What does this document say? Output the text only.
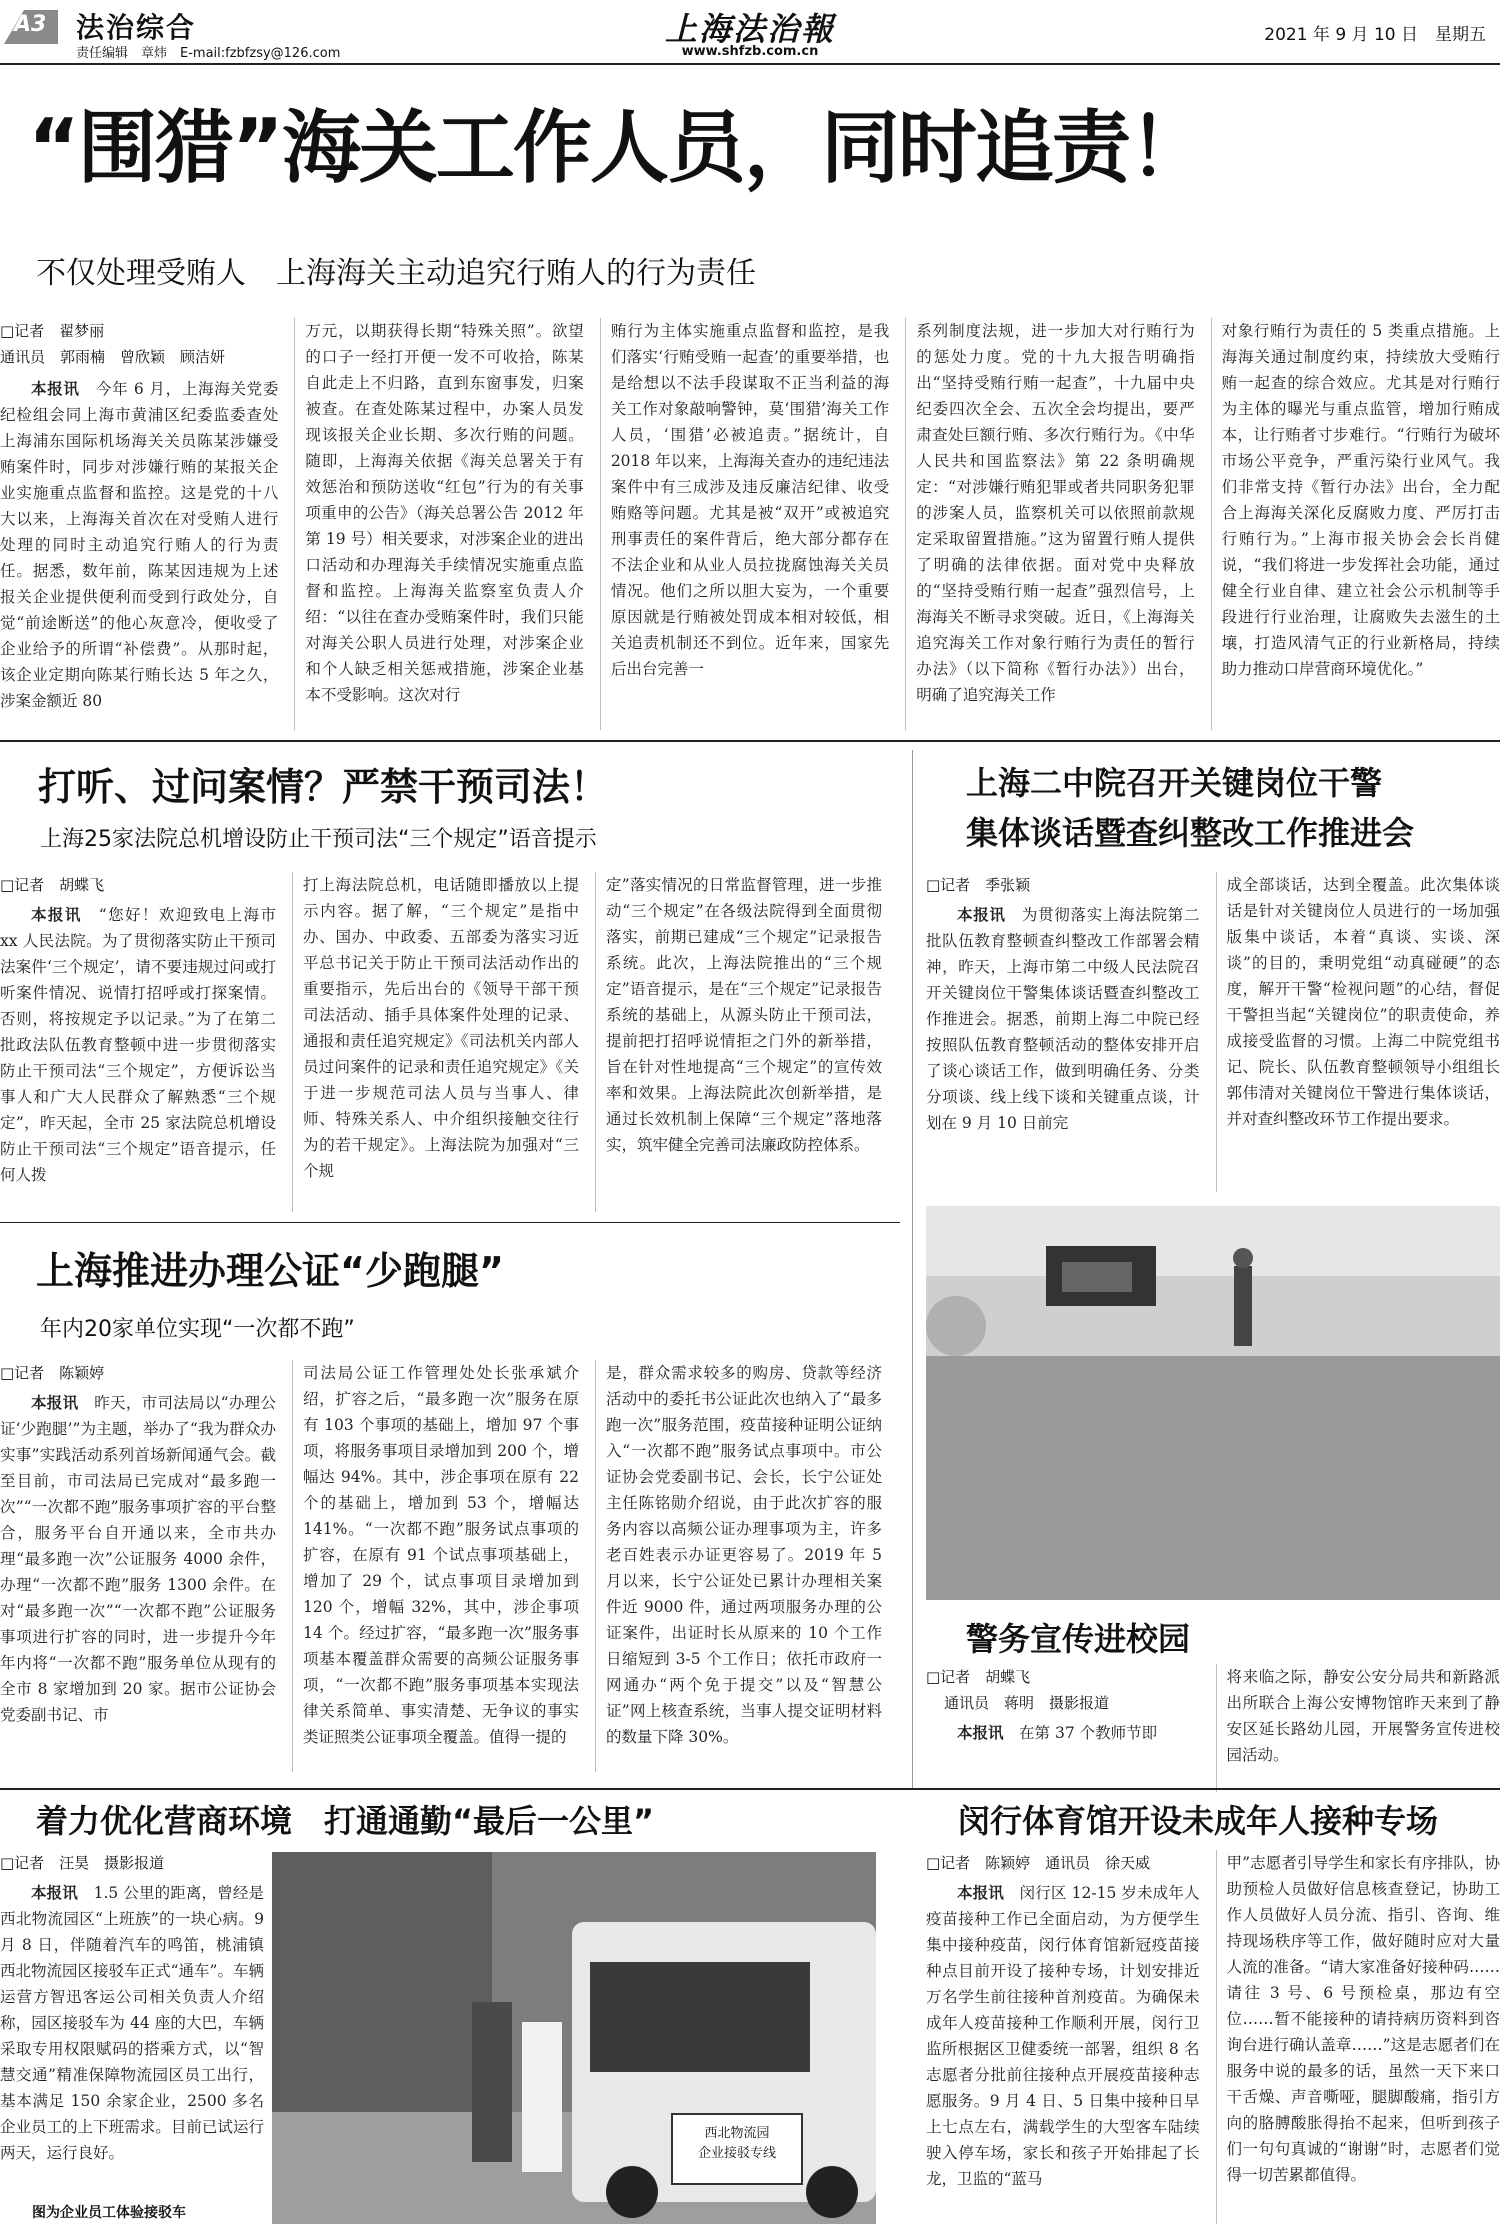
A3 法治综合
责任编辑　章炜　E-mail:fzbfzsy@126.com
上海法治報
www.shfzb.com.cn
2021 年 9 月 10 日　星期五
“围猎”海关工作人员，同时追责！
不仅处理受贿人　上海海关主动追究行贿人的行为责任
□记者　翟梦丽
通讯员　郭雨楠　曾欣颖　顾洁妍

本报讯　 今年 6 月，上海海关党委纪检组会同上海市黄浦区纪委监委查处上海浦东国际机场海关关员陈某涉嫌受贿案件时，同步对涉嫌行贿的某报关企业实施重点监督和监控。这是党的十八大以来，上海海关首次在对受贿人进行处理的同时主动追究行贿人的行为责任。据悉，数年前，陈某因违规为上述报关企业提供便利而受到行政处分，自觉“前途断送”的他心灰意冷，便收受了企业给予的所谓“补偿费”。从那时起，该企业定期向陈某行贿长达 5 年之久，涉案金额近 80

万元，以期获得长期“特殊关照”。欲望的口子一经打开便一发不可收拾，陈某自此走上不归路，直到东窗事发，归案被查。在查处陈某过程中，办案人员发现该报关企业长期、多次行贿的问题。随即，上海海关依据《海关总署关于有效惩治和预防送收“红包”行为的有关事项重申的公告》（海关总署公告 2012 年第 19 号）相关要求，对涉案企业的进出口活动和办理海关手续情况实施重点监督和监控。上海海关监察室负责人介绍：“以往在查办受贿案件时，我们只能对海关公职人员进行处理，对涉案企业和个人缺乏相关惩戒措施，涉案企业基本不受影响。这次对行

贿行为主体实施重点监督和监控，是我们落实‘行贿受贿一起查’的重要举措，也是给想以不法手段谋取不正当利益的海关工作对象敲响警钟，莫‘围猎’海关工作人员，‘围猎’必被追责。”据统计，自 2018 年以来，上海海关查办的违纪违法案件中有三成涉及违反廉洁纪律、收受贿赂等问题。尤其是被“双开”或被追究刑事责任的案件背后，绝大部分都存在不法企业和从业人员拉拢腐蚀海关关员情况。他们之所以胆大妄为，一个重要原因就是行贿被处罚成本相对较低，相关追责机制还不到位。近年来，国家先后出台完善一

系列制度法规，进一步加大对行贿行为的惩处力度。党的十九大报告明确指出“坚持受贿行贿一起查”，十九届中央纪委四次全会、五次全会均提出，要严肃查处巨额行贿、多次行贿行为。《中华人民共和国监察法》第 22 条明确规定：“对涉嫌行贿犯罪或者共同职务犯罪的涉案人员，监察机关可以依照前款规定采取留置措施。”这为留置行贿人提供了明确的法律依据。面对党中央释放的“坚持受贿行贿一起查”强烈信号，上海海关不断寻求突破。近日，《上海海关追究海关工作对象行贿行为责任的暂行办法》（以下简称《暂行办法》）出台，明确了追究海关工作

对象行贿行为责任的 5 类重点措施。上海海关通过制度约束，持续放大受贿行贿一起查的综合效应。尤其是对行贿行为主体的曝光与重点监管，增加行贿成本，让行贿者寸步难行。“行贿行为破坏市场公平竞争，严重污染行业风气。我们非常支持《暂行办法》出台，全力配合上海海关深化反腐败力度、严厉打击行贿行为。”上海市报关协会会长肖健说，“我们将进一步发挥社会功能，通过健全行业自律、建立社会公示机制等手段进行行业治理，让腐败失去滋生的土壤，打造风清气正的行业新格局，持续助力推动口岸营商环境优化。”

打听、过问案情？严禁干预司法！
上海25家法院总机增设防止干预司法“三个规定”语音提示
□记者　胡蝶飞

本报讯　 “您好！欢迎致电上海市 xx 人民法院。为了贯彻落实防止干预司法案件‘三个规定’，请不要违规过问或打听案件情况、说情打招呼或打探案情。否则，将按规定予以记录。”为了在第二批政法队伍教育整顿中进一步贯彻落实防止干预司法“三个规定”，方便诉讼当事人和广大人民群众了解熟悉“三个规定”，昨天起，全市 25 家法院总机增设防止干预司法“三个规定”语音提示，任何人拨

打上海法院总机，电话随即播放以上提示内容。据了解，“三个规定”是指中办、国办、中政委、五部委为落实习近平总书记关于防止干预司法活动作出的重要指示，先后出台的《领导干部干预司法活动、插手具体案件处理的记录、通报和责任追究规定》《司法机关内部人员过问案件的记录和责任追究规定》《关于进一步规范司法人员与当事人、律师、特殊关系人、中介组织接触交往行为的若干规定》。上海法院为加强对“三个规

定”落实情况的日常监督管理，进一步推动“三个规定”在各级法院得到全面贯彻落实，前期已建成“三个规定”记录报告系统。此次，上海法院推出的“三个规定”语音提示，是在“三个规定”记录报告系统的基础上，从源头防止干预司法，提前把打招呼说情拒之门外的新举措，旨在针对性地提高“三个规定”的宣传效率和效果。上海法院此次创新举措，是通过长效机制上保障“三个规定”落地落实，筑牢健全完善司法廉政防控体系。

上海二中院召开关键岗位干警
集体谈话暨查纠整改工作推进会
□记者　季张颖

本报讯　 为贯彻落实上海法院第二批队伍教育整顿查纠整改工作部署会精神，昨天，上海市第二中级人民法院召开关键岗位干警集体谈话暨查纠整改工作推进会。据悉，前期上海二中院已经按照队伍教育整顿活动的整体安排开启了谈心谈话工作，做到明确任务、分类分项谈、线上线下谈和关键重点谈，计划在 9 月 10 日前完

成全部谈话，达到全覆盖。此次集体谈话是针对关键岗位人员进行的一场加强版集中谈话，本着“真谈、实谈、深谈”的目的，秉明党组“动真碰硬”的态度，解开干警“检视问题”的心结，督促干警担当起“关键岗位”的职责使命，养成接受监督的习惯。上海二中院党组书记、院长、队伍教育整顿领导小组组长郭伟清对关键岗位干警进行集体谈话，并对查纠整改环节工作提出要求。

上海推进办理公证“少跑腿”
年内20家单位实现“一次都不跑”
□记者　陈颖婷

本报讯　 昨天，市司法局以“办理公证‘少跑腿’”为主题，举办了“我为群众办实事”实践活动系列首场新闻通气会。截至目前，市司法局已完成对“最多跑一次”“一次都不跑”服务事项扩容的平台整合，服务平台自开通以来，全市共办理“最多跑一次”公证服务 4000 余件，办理“一次都不跑”服务 1300 余件。在对“最多跑一次”“一次都不跑”公证服务事项进行扩容的同时，进一步提升今年年内将“一次都不跑”服务单位从现有的全市 8 家增加到 20 家。据市公证协会党委副书记、市

司法局公证工作管理处处长张承斌介绍，扩容之后，“最多跑一次”服务在原有 103 个事项的基础上，增加 97 个事项，将服务事项目录增加到 200 个，增幅达 94%。其中，涉企事项在原有 22 个的基础上，增加到 53 个，增幅达 141%。“一次都不跑”服务试点事项的扩容，在原有 91 个试点事项基础上，增加了 29 个，试点事项目录增加到 120 个，增幅 32%，其中，涉企事项 14 个。经过扩容，“最多跑一次”服务事项基本覆盖群众需要的高频公证服务事项，“一次都不跑”服务事项基本实现法律关系简单、事实清楚、无争议的事实类证照类公证事项全覆盖。值得一提的

是，群众需求较多的购房、贷款等经济活动中的委托书公证此次也纳入了“最多跑一次”服务范围，疫苗接种证明公证纳入“一次都不跑”服务试点事项中。市公证协会党委副书记、会长，长宁公证处主任陈铭勋介绍说，由于此次扩容的服务内容以高频公证办理事项为主，许多老百姓表示办证更容易了。2019 年 5 月以来，长宁公证处已累计办理相关案件近 9000 件，通过两项服务办理的公证案件，出证时长从原来的 10 个工作日缩短到 3-5 个工作日；依托市政府一网通办“两个免于提交”以及“智慧公证”网上核查系统，当事人提交证明材料的数量下降 30%。

警务宣传进校园
□记者　胡蝶飞
通讯员　蒋明　摄影报道

本报讯　 在第 37 个教师节即

将来临之际，静安公安分局共和新路派出所联合上海公安博物馆昨天来到了静安区延长路幼儿园，开展警务宣传进校园活动。

着力优化营商环境　打通通勤“最后一公里”
□记者　汪昊　摄影报道

本报讯　 1.5 公里的距离，曾经是西北物流园区“上班族”的一块心病。9 月 8 日，伴随着汽车的鸣笛，桃浦镇西北物流园区接驳车正式“通车”。车辆运营方智迅客运公司相关负责人介绍称，园区接驳车为 44 座的大巴，车辆采取专用权限赋码的搭乘方式，以“智慧交通”精准保障物流园区员工出行，基本满足 150 余家企业，2500 多名企业员工的上下班需求。目前已试运行两天，运行良好。

图为企业员工体验接驳车
西北物流园
企业接驳专线
闵行体育馆开设未成年人接种专场
□记者　陈颖婷　通讯员　徐天威

本报讯　 闵行区 12-15 岁未成年人疫苗接种工作已全面启动，为方便学生集中接种疫苗，闵行体育馆新冠疫苗接种点目前开设了接种专场，计划安排近万名学生前往接种首剂疫苗。为确保未成年人疫苗接种工作顺利开展，闵行卫监所根据区卫健委统一部署，组织 8 名志愿者分批前往接种点开展疫苗接种志愿服务。9 月 4 日、5 日集中接种日早上七点左右，满载学生的大型客车陆续驶入停车场，家长和孩子开始排起了长龙，卫监的“蓝马

甲”志愿者引导学生和家长有序排队，协助预检人员做好信息核查登记，协助工作人员做好人员分流、指引、咨询、维持现场秩序等工作，做好随时应对大量人流的准备。“请大家准备好接种码……请往 3 号、6 号预检桌，那边有空位……暂不能接种的请持病历资料到咨询台进行确认盖章……”这是志愿者们在服务中说的最多的话，虽然一天下来口干舌燥、声音嘶哑，腿脚酸痛，指引方向的胳膊酸胀得抬不起来，但听到孩子们一句句真诚的“谢谢”时，志愿者们觉得一切苦累都值得。
